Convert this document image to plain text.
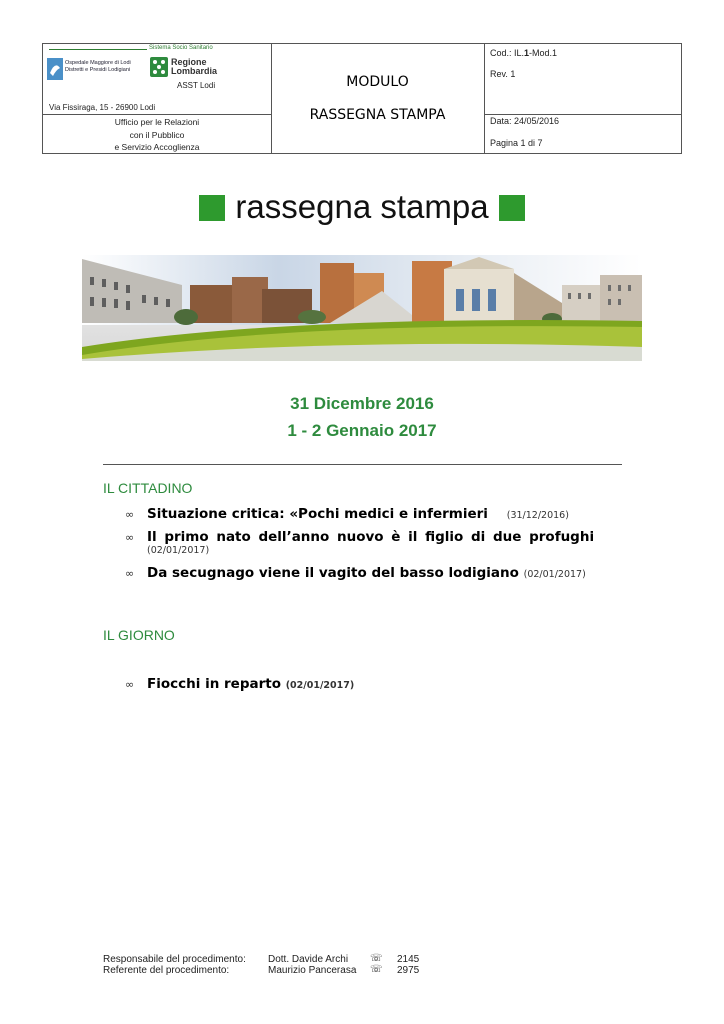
Sistema Socio Sanitario
Ospedale Maggiore di Lodi
Distretti e Presidi Lodigiani
Regione
Lombardia
ASST Lodi
Via Fissiraga, 15 - 26900 Lodi
Ufficio per le Relazioni
con il Pubblico
e Servizio Accoglienza
MODULO
RASSEGNA STAMPA
Cod.: IL.1-Mod.1
Rev. 1
Data: 24/05/2016
Pagina 1 di 7
rassegna stampa
31 Dicembre 2016
1 - 2 Gennaio 2017
IL CITTADINO
∞ Situazione critica: «Pochi medici e infermieri (31/12/2016)
∞ Il primo nato dell’anno nuovo è il figlio di due profughi
(02/01/2017)
∞ Da secugnago viene il vagito del basso lodigiano (02/01/2017)
IL GIORNO
∞ Fiocchi in reparto (02/01/2017)
Responsabile del procedimento: Dott. Davide Archi ☏ 2145
Referente del procedimento:	Maurizio Pancerasa ☏ 2975
